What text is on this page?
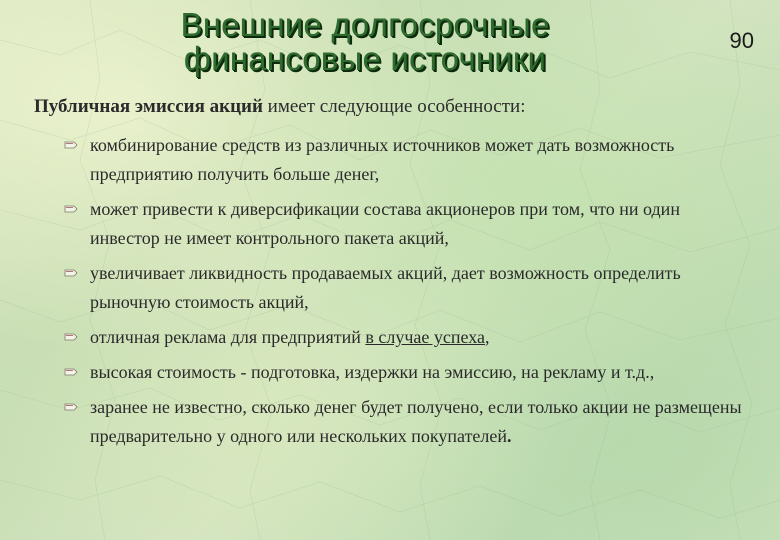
Внешние долгосрочные
финансовые источники	90
Публичная эмиссия акций имеет следующие особенности:
комбинирование средств из различных источников может дать возможность предприятию получить больше денег,
может привести к диверсификации состава акционеров при том, что ни один инвестор не имеет контрольного пакета акций,
увеличивает ликвидность продаваемых акций, дает возможность определить рыночную стоимость акций,
отличная реклама для предприятий в случае успеха,
высокая стоимость - подготовка, издержки на эмиссию, на рекламу и т.д.,
заранее не известно, сколько денег будет получено, если только акции не размещены предварительно у одного или нескольких покупателей.
